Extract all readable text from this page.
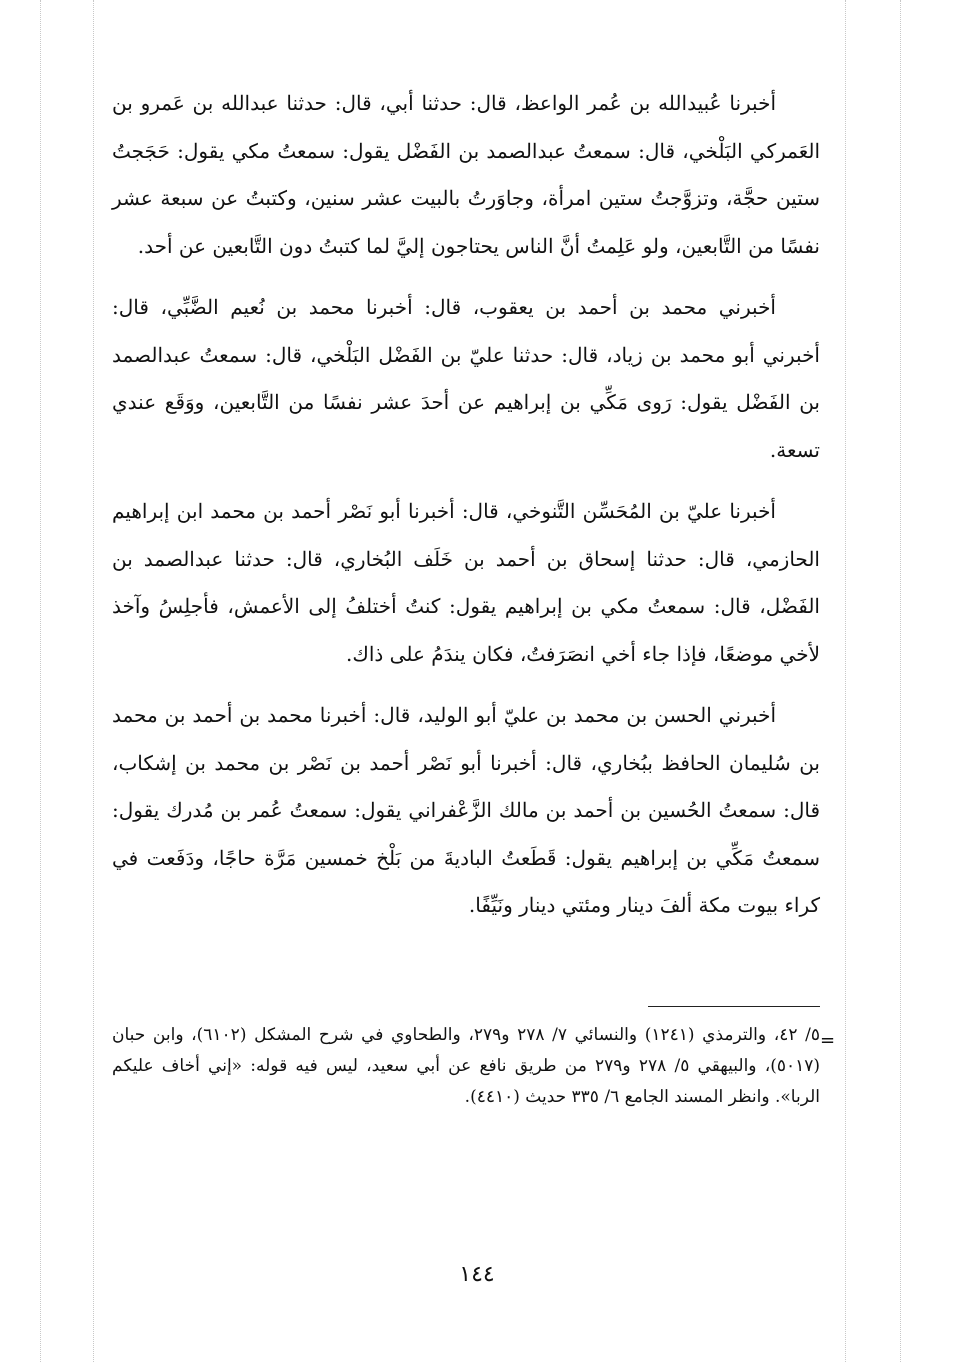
أخبرنا عُبيدالله بن عُمر الواعظ، قال: حدثنا أبي، قال: حدثنا عبدالله بن عَمرو بن العَمركي البَلْخي، قال: سمعتُ عبدالصمد بن الفَضْل يقول: سمعتُ مكي يقول: حَجَجتُ ستين حجَّة، وتزوَّجتُ ستين امرأة، وجاوَرتُ بالبيت عشر سنين، وكتبتُ عن سبعة عشر نفسًا من التَّابعين، ولو عَلِمتُ أنَّ الناس يحتاجون إليَّ لما كتبتُ دون التَّابعين عن أحد.

أخبرني محمد بن أحمد بن يعقوب، قال: أخبرنا محمد بن نُعيم الضَّبِّي، قال: أخبرني أبو محمد بن زياد، قال: حدثنا عليّ بن الفَضْل البَلْخي، قال: سمعتُ عبدالصمد بن الفَضْل يقول: رَوى مَكِّي بن إبراهيم عن أحدَ عشر نفسًا من التَّابعين، ووَقَع عندي تسعة.

أخبرنا عليّ بن المُحَسِّن التَّنوخي، قال: أخبرنا أبو نَصْر أحمد بن محمد ابن إبراهيم الحازمي، قال: حدثنا إسحاق بن أحمد بن خَلَف البُخاري، قال: حدثنا عبدالصمد بن الفَضْل، قال: سمعتُ مكي بن إبراهيم يقول: كنتُ أختلفُ إلى الأعمش، فأجلِسُ وآخذ لأخي موضعًا، فإذا جاء أخي انصَرَفتُ، فكان يندَمُ على ذاك.

أخبرني الحسن بن محمد بن عليّ أبو الوليد، قال: أخبرنا محمد بن أحمد بن محمد بن سُليمان الحافظ ببُخاري، قال: أخبرنا أبو نَصْر أحمد بن نَصْر بن محمد بن إشكاب، قال: سمعتُ الحُسين بن أحمد بن مالك الزَّعْفراني يقول: سمعتُ عُمر بن مُدرك يقول: سمعتُ مَكِّي بن إبراهيم يقول: قَطَعتُ الباديةَ من بَلْخ خمسين مَرَّة حاجًا، ودَفَعت في كراء بيوت مكة ألفَ دينار ومئتي دينار ونَيِّفًا.

=

٥/ ٤٢، والترمذي (١٢٤١) والنسائي ٧/ ٢٧٨ و٢٧٩، والطحاوي في شرح المشكل (٦١٠٢)، وابن حبان (٥٠١٧)، والبيهقي ٥/ ٢٧٨ و٢٧٩ من طريق نافع عن أبي سعيد، ليس فيه قوله: «إني أخاف عليكم الربا». وانظر المسند الجامع ٦/ ٣٣٥ حديث (٤٤١٠).

١٤٤
